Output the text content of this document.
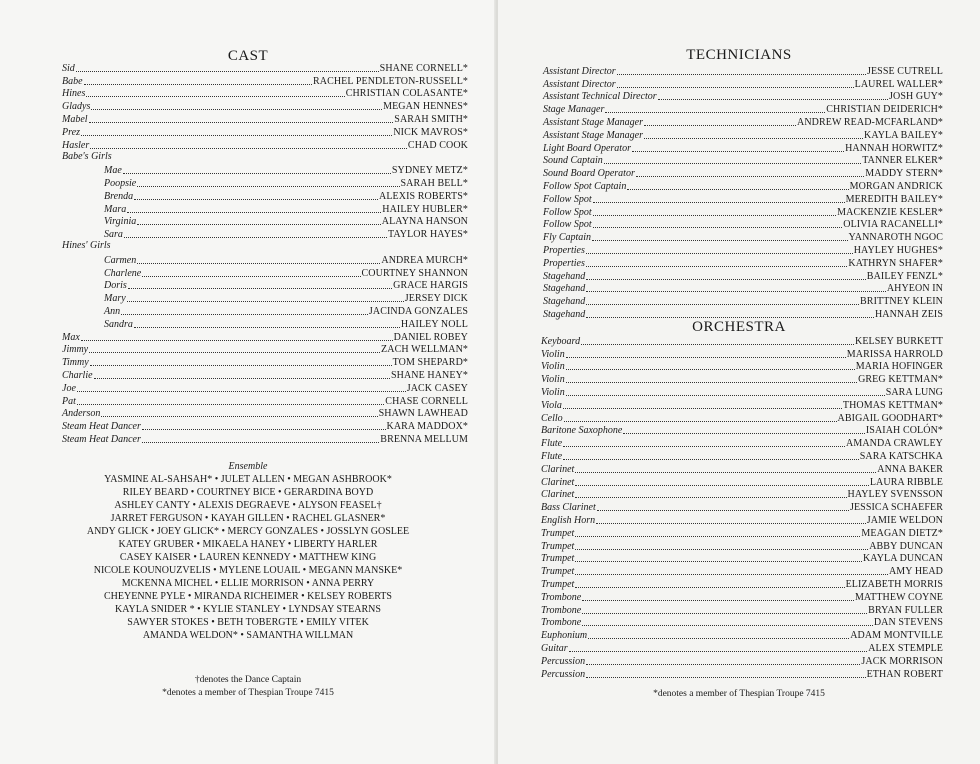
CAST
Sid	SHANE CORNELL*
Babe	RACHEL PENDLETON-RUSSELL*
Hines	CHRISTIAN COLASANTE*
Gladys	MEGAN HENNES*
Mabel	SARAH SMITH*
Prez	NICK MAVROS*
Hasler	CHAD COOK
Babe's Girls
Mae	SYDNEY METZ*
Poopsie	SARAH BELL*
Brenda	ALEXIS ROBERTS*
Mara	HAILEY HUBLER*
Virginia	ALAYNA HANSON
Sara	TAYLOR HAYES*
Hines' Girls
Carmen	ANDREA MURCH*
Charlene	COURTNEY SHANNON
Doris	GRACE HARGIS
Mary	JERSEY DICK
Ann	JACINDA GONZALES
Sandra	HAILEY NOLL
Max	DANIEL ROBEY
Jimmy	ZACH WELLMAN*
Timmy	TOM SHEPARD*
Charlie	SHANE HANEY*
Joe	JACK CASEY
Pat	CHASE CORNELL
Anderson	SHAWN LAWHEAD
Steam Heat Dancer	KARA MADDOX*
Steam Heat Dancer	BRENNA MELLUM
Ensemble
YASMINE AL-SAHSAH* • JULET ALLEN • MEGAN ASHBROOK*
RILEY BEARD • COURTNEY BICE • GERARDINA BOYD
ASHLEY CANTY • ALEXIS DEGRAEVE • ALYSON FEASEL†
JARRET FERGUSON • KAYAH GILLEN • RACHEL GLASNER*
ANDY GLICK • JOEY GLICK* • MERCY GONZALES • JOSSLYN GOSLEE
KATEY GRUBER • MIKAELA HANEY • LIBERTY HARLER
CASEY KAISER • LAUREN KENNEDY • MATTHEW KING
NICOLE KOUNOUZVELIS • MYLENE LOUAIL • MEGANN MANSKE*
MCKENNA MICHEL • ELLIE MORRISON • ANNA PERRY
CHEYENNE PYLE • MIRANDA RICHEIMER • KELSEY ROBERTS
KAYLA SNIDER * • KYLIE STANLEY • LYNDSAY STEARNS
SAWYER STOKES • BETH TOBERGTE • EMILY VITEK
AMANDA WELDON* • SAMANTHA WILLMAN
†denotes the Dance Captain
*denotes a member of Thespian Troupe 7415
TECHNICIANS
Assistant Director	JESSE CUTRELL
Assistant Director	LAUREL WALLER*
Assistant Technical Director	JOSH GUY*
Stage Manager	CHRISTIAN DEIDERICH*
Assistant Stage Manager	ANDREW READ-MCFARLAND*
Assistant Stage Manager	KAYLA BAILEY*
Light Board Operator	HANNAH HORWITZ*
Sound Captain	TANNER ELKER*
Sound Board Operator	MADDY STERN*
Follow Spot Captain	MORGAN ANDRICK
Follow Spot	MEREDITH BAILEY*
Follow Spot	MACKENZIE KESLER*
Follow Spot	OLIVIA RACANELLI*
Fly Captain	YANNAROTH NGOC
Properties	HAYLEY HUGHES*
Properties	KATHRYN SHAFER*
Stagehand	BAILEY FENZL*
Stagehand	AHYEON IN
Stagehand	BRITTNEY KLEIN
Stagehand	HANNAH ZEIS
ORCHESTRA
Keyboard	KELSEY BURKETT
Violin	MARISSA HARROLD
Violin	MARIA HOFINGER
Violin	GREG KETTMAN*
Violin	SARA LUNG
Viola	THOMAS KETTMAN*
Cello	ABIGAIL GOODHART*
Baritone Saxophone	ISAIAH COLÓN*
Flute	AMANDA CRAWLEY
Flute	SARA KATSCHKA
Clarinet	ANNA BAKER
Clarinet	LAURA RIBBLE
Clarinet	HAYLEY SVENSSON
Bass Clarinet	JESSICA SCHAEFER
English Horn	JAMIE WELDON
Trumpet	MEAGAN DIETZ*
Trumpet	ABBY DUNCAN
Trumpet	KAYLA DUNCAN
Trumpet	AMY HEAD
Trumpet	ELIZABETH MORRIS
Trombone	MATTHEW COYNE
Trombone	BRYAN FULLER
Trombone	DAN STEVENS
Euphonium	ADAM MONTVILLE
Guitar	ALEX STEMPLE
Percussion	JACK MORRISON
Percussion	ETHAN ROBERT
*denotes a member of Thespian Troupe 7415
